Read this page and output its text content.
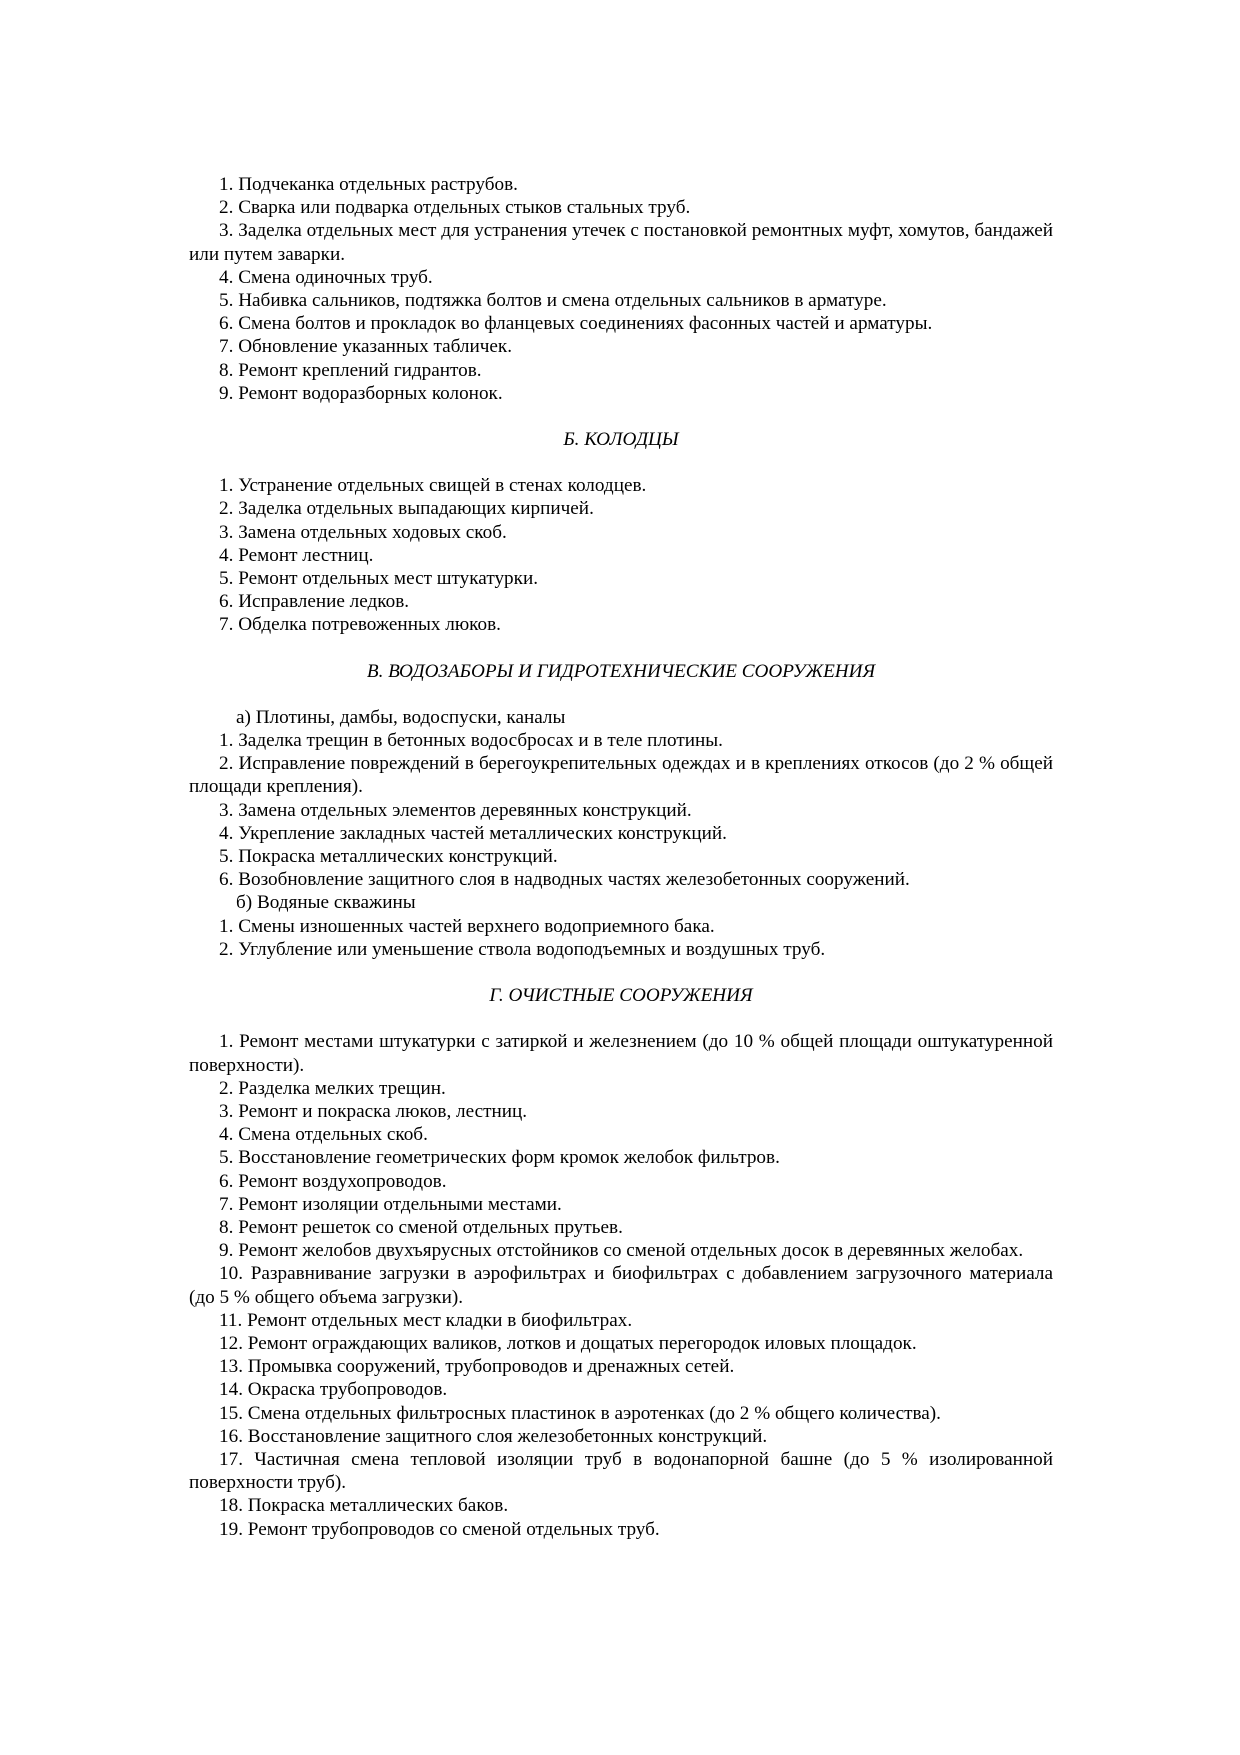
1. Подчеканка отдельных раструбов.

2. Сварка или подварка отдельных стыков стальных труб.

3. Заделка отдельных мест для устранения утечек с постановкой ремонтных муфт, хомутов, бандажей или путем заварки.

4. Смена одиночных труб.

5. Набивка сальников, подтяжка болтов и смена отдельных сальников в арматуре.

6. Смена болтов и прокладок во фланцевых соединениях фасонных частей и арматуры.

7. Обновление указанных табличек.

8. Ремонт креплений гидрантов.

9. Ремонт водоразборных колонок.

Б. КОЛОДЦЫ

1. Устранение отдельных свищей в стенах колодцев.

2. Заделка отдельных выпадающих кирпичей.

3. Замена отдельных ходовых скоб.

4. Ремонт лестниц.

5. Ремонт отдельных мест штукатурки.

6. Исправление ледков.

7. Обделка потревоженных люков.

В. ВОДОЗАБОРЫ И ГИДРОТЕХНИЧЕСКИЕ СООРУЖЕНИЯ

а) Плотины, дамбы, водоспуски, каналы

1. Заделка трещин в бетонных водосбросах и в теле плотины.

2. Исправление повреждений в берегоукрепительных одеждах и в креплениях откосов (до 2 % общей площади крепления).

3. Замена отдельных элементов деревянных конструкций.

4. Укрепление закладных частей металлических конструкций.

5. Покраска металлических конструкций.

6. Возобновление защитного слоя в надводных частях железобетонных сооружений.

б) Водяные скважины

1. Смены изношенных частей верхнего водоприемного бака.

2. Углубление или уменьшение ствола водоподъемных и воздушных труб.

Г. ОЧИСТНЫЕ СООРУЖЕНИЯ

1. Ремонт местами штукатурки с затиркой и железнением (до 10 % общей площади оштукатуренной поверхности).

2. Разделка мелких трещин.

3. Ремонт и покраска люков, лестниц.

4. Смена отдельных скоб.

5. Восстановление геометрических форм кромок желобок фильтров.

6. Ремонт воздухопроводов.

7. Ремонт изоляции отдельными местами.

8. Ремонт решеток со сменой отдельных прутьев.

9. Ремонт желобов двухъярусных отстойников со сменой отдельных досок в деревянных желобах.

10. Разравнивание загрузки в аэрофильтрах и биофильтрах с добавлением загрузочного материала (до 5 % общего объема загрузки).

11. Ремонт отдельных мест кладки в биофильтрах.

12. Ремонт ограждающих валиков, лотков и дощатых перегородок иловых площадок.

13. Промывка сооружений, трубопроводов и дренажных сетей.

14. Окраска трубопроводов.

15. Смена отдельных фильтросных пластинок в аэротенках (до 2 % общего количества).

16. Восстановление защитного слоя железобетонных конструкций.

17. Частичная смена тепловой изоляции труб в водонапорной башне (до 5 % изолированной поверхности труб).

18. Покраска металлических баков.

19. Ремонт трубопроводов со сменой отдельных труб.
